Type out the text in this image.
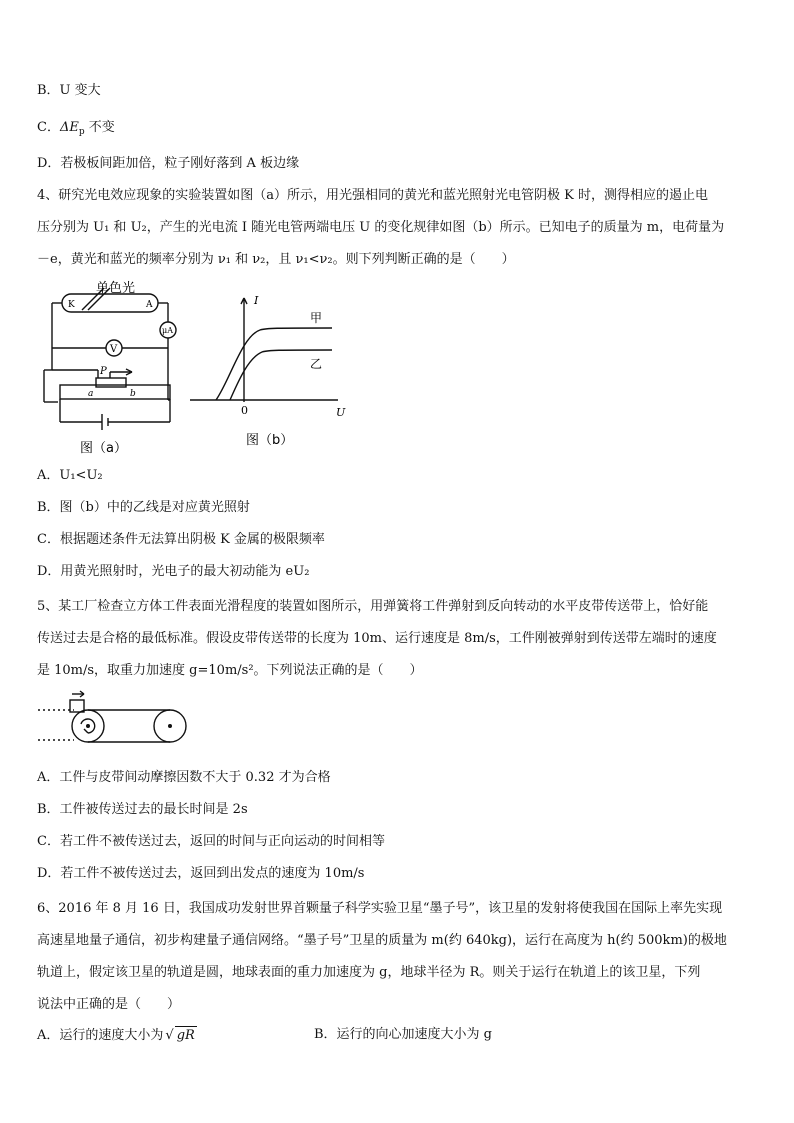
B．U 变大
C．$\Delta E_p$ 不变
D．若极板间距加倍，粒子刚好落到 A 板边缘
4、研究光电效应现象的实验装置如图（a）所示，用光强相同的黄光和蓝光照射光电管阴极 K 时，测得相应的遏止电
压分别为 U₁ 和 U₂，产生的光电流 I 随光电管两端电压 U 的变化规律如图（b）所示。已知电子的质量为 m，电荷量为
－e，黄光和蓝光的频率分别为 ν₁ 和 ν₂，且 ν₁<ν₂。则下列判断正确的是（　　）
单色光
K	A
μA
V
P
a	b
图（a）
I
U
0
甲
乙
图（b）
A．U₁<U₂
B．图（b）中的乙线是对应黄光照射
C．根据题述条件无法算出阴极 K 金属的极限频率
D．用黄光照射时，光电子的最大初动能为 eU₂
5、某工厂检查立方体工件表面光滑程度的装置如图所示，用弹簧将工件弹射到反向转动的水平皮带传送带上，恰好能
传送过去是合格的最低标准。假设皮带传送带的长度为 10m、运行速度是 8m/s，工件刚被弹射到传送带左端时的速度
是 10m/s，取重力加速度 g=10m/s²。下列说法正确的是（　　）
A．工件与皮带间动摩擦因数不大于 0.32 才为合格
B．工件被传送过去的最长时间是 2s
C．若工件不被传送过去，返回的时间与正向运动的时间相等
D．若工件不被传送过去，返回到出发点的速度为 10m/s
6、2016 年 8 月 16 日，我国成功发射世界首颗量子科学实验卫星“墨子号”，该卫星的发射将使我国在国际上率先实现
高速星地量子通信，初步构建量子通信网络。“墨子号”卫星的质量为 m(约 640kg)，运行在高度为 h(约 500km)的极地
轨道上，假定该卫星的轨道是圆，地球表面的重力加速度为 g，地球半径为 R。则关于运行在轨道上的该卫星，下列
说法中正确的是（　　）
A．运行的速度大小为 √ gR	B．运行的向心加速度大小为 g
